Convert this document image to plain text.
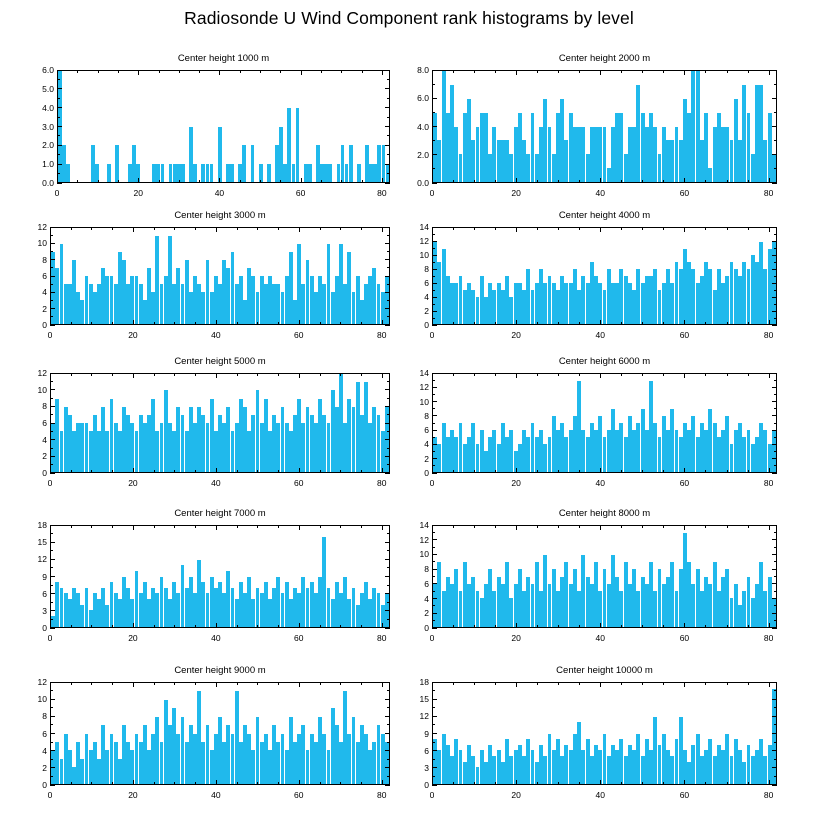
Radiosonde U Wind Component rank histograms by level
Center height 1000 m
0.0
1.0
2.0
3.0
4.0
5.0
6.0
0	20	40	60	80
Center height 2000 m
0.0
2.0
4.0
6.0
8.0
0	20	40	60	80
Center height 3000 m
0
2
4
6
8
10
12
0	20	40	60	80
Center height 4000 m
0
2
4
6
8
10
12
14
0	20	40	60	80
Center height 5000 m
0
2
4
6
8
10
12
0	20	40	60	80
Center height 6000 m
0
2
4
6
8
10
12
14
0	20	40	60	80
Center height 7000 m
0
3
6
9
12
15
18
0	20	40	60	80
Center height 8000 m
0
2
4
6
8
10
12
14
0	20	40	60	80
Center height 9000 m
0
2
4
6
8
10
12
0	20	40	60	80
Center height 10000 m
0
3
6
9
12
15
18
0	20	40	60	80
